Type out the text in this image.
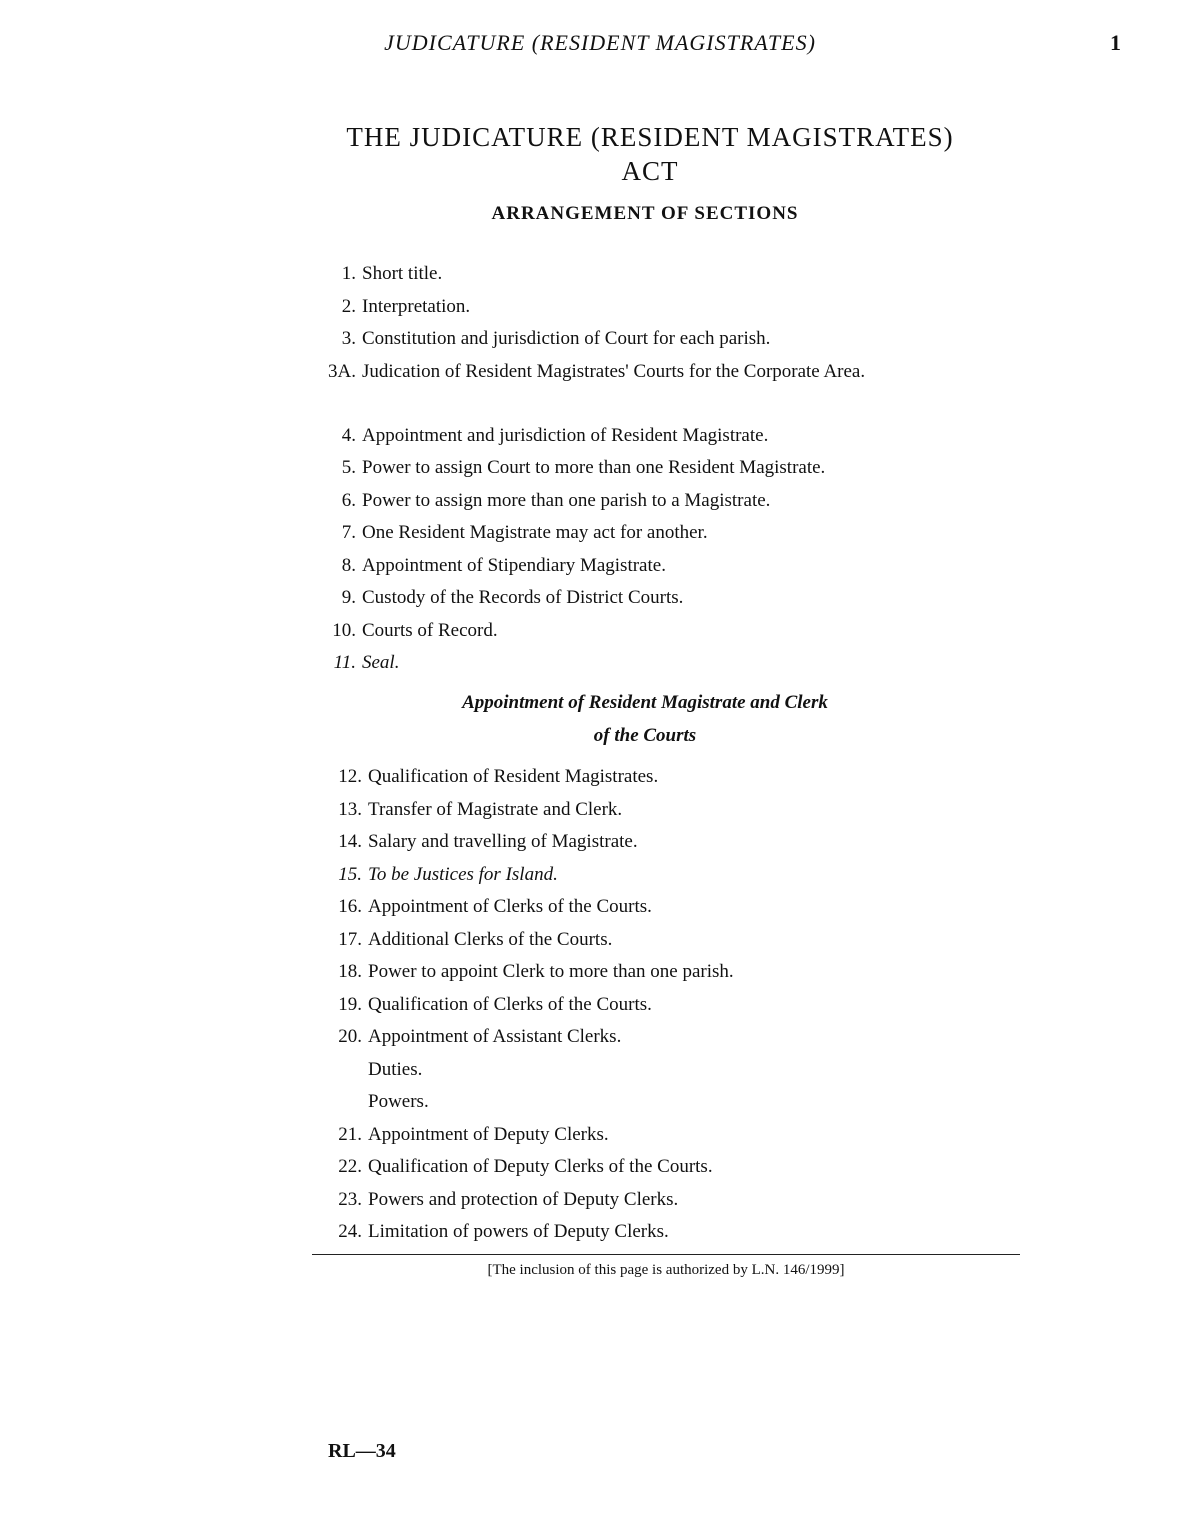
JUDICATURE (RESIDENT MAGISTRATES)	1
THE JUDICATURE (RESIDENT MAGISTRATES)
ACT
ARRANGEMENT OF SECTIONS
1. Short title.
2. Interpretation.
3. Constitution and jurisdiction of Court for each parish.
3A. Judication of Resident Magistrates' Courts for the Corporate Area.
4. Appointment and jurisdiction of Resident Magistrate.
5. Power to assign Court to more than one Resident Magistrate.
6. Power to assign more than one parish to a Magistrate.
7. One Resident Magistrate may act for another.
8. Appointment of Stipendiary Magistrate.
9. Custody of the Records of District Courts.
10. Courts of Record.
11. Seal.
Appointment of Resident Magistrate and Clerk
of the Courts
12. Qualification of Resident Magistrates.
13. Transfer of Magistrate and Clerk.
14. Salary and travelling of Magistrate.
15. To be Justices for Island.
16. Appointment of Clerks of the Courts.
17. Additional Clerks of the Courts.
18. Power to appoint Clerk to more than one parish.
19. Qualification of Clerks of the Courts.
20. Appointment of Assistant Clerks.
Duties.
Powers.
21. Appointment of Deputy Clerks.
22. Qualification of Deputy Clerks of the Courts.
23. Powers and protection of Deputy Clerks.
24. Limitation of powers of Deputy Clerks.
[The inclusion of this page is authorized by L.N. 146/1999]
RL—34
